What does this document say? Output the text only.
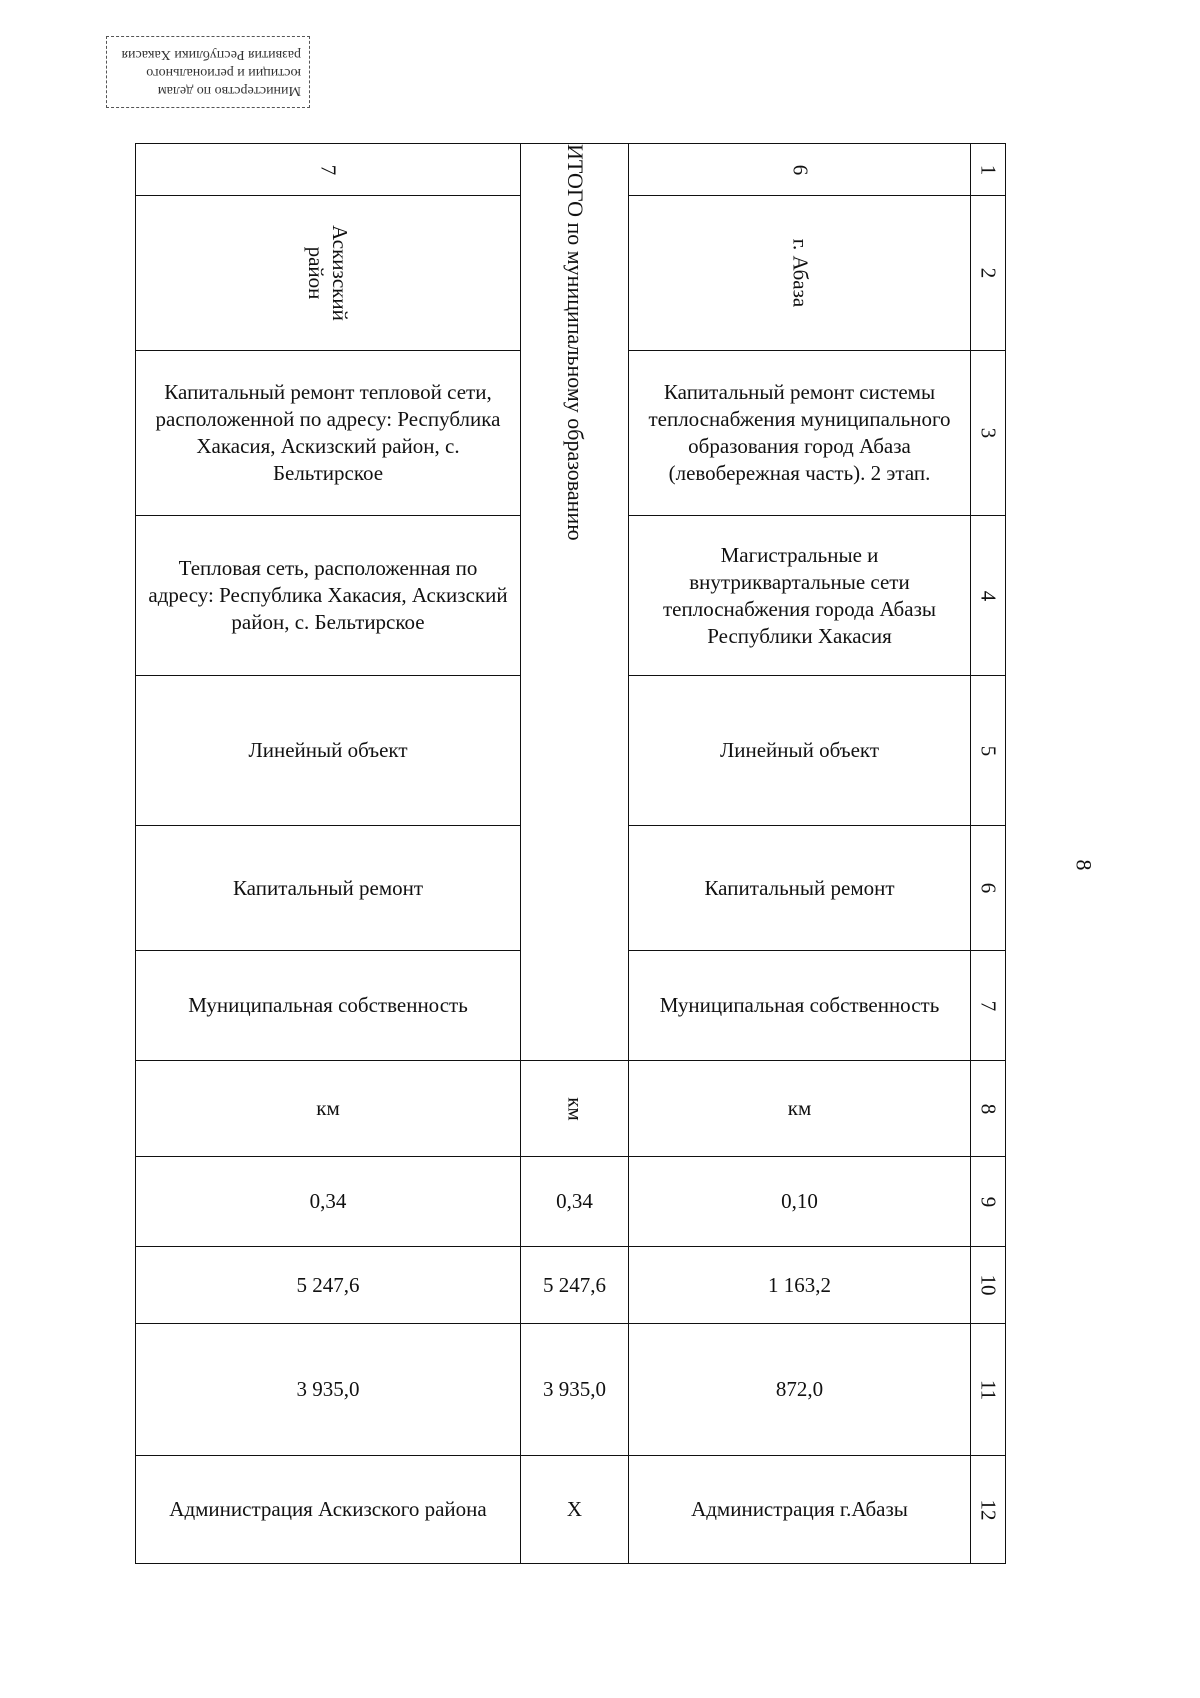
Министерство по делам
юстиции и регионального
развития Республики Хакасия
8
7	ИТОГО по муниципальному образованию	6	1

Аскизский район		г. Абаза	2

Капитальный ремонт тепловой сети, расположенной по адресу: Республика Хакасия, Аскизский район, с. Бельтирское		Капитальный ремонт системы теплоснабжения муниципального образования город Абаза (левобережная часть). 2 этап.	3

Тепловая сеть, расположенная по адресу: Республика Хакасия, Аскизский район, с. Бельтирское		Магистральные и внутриквартальные сети теплоснабжения города Абазы Республики Хакасия	4

Линейный объект		Линейный объект	5

Капитальный ремонт		Капитальный ремонт	6

Муниципальная собственность		Муниципальная собственность	7

км	км	км	8

0,34	0,34	0,10	9

5 247,6	5 247,6	1 163,2	10

3 935,0	3 935,0	872,0	11

Администрация Аскизского района	Х	Администрация г.Абазы	12
